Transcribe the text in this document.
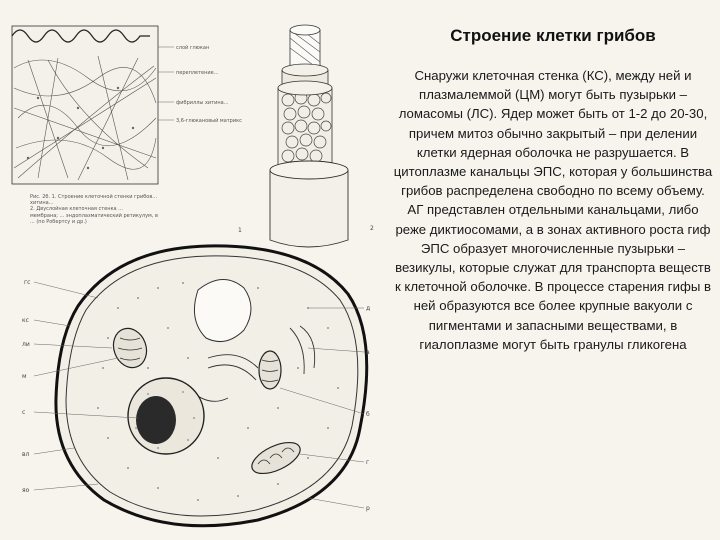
слой глюкан
переплетение...
фибриллы хитина...
3,6-глюкановый матрикс
2
1
гс
кс
ли
м
с
вл
яо
д
а
б
г
р
Рис. 2б. 1. Строение клеточной стенки грибов...
хитина...
2. Двуслойная клеточная стенка ...
мембрана; ... эндоплазматический ретикулум, в
... (по Робертсу и др.)
Строение клетки грибов
Снаружи клеточная стенка (КС), между ней и плазмалеммой (ЦМ) могут быть пузырьки – ломасомы (ЛС). Ядер может быть от 1-2 до 20-30, причем митоз обычно закрытый – при делении клетки ядерная оболочка не разрушается. В цитоплазме канальцы ЭПС, которая у большинства грибов распределена свободно по всему объему. АГ представлен отдельными канальцами, либо реже диктиосомами, а в зонах активного роста гиф ЭПС образует многочисленные пузырьки – везикулы, которые служат для транспорта веществ к клеточной оболочке. В процессе старения гифы в ней образуются все более крупные вакуоли с пигментами и запасными веществами, в гиалоплазме могут быть гранулы гликогена
